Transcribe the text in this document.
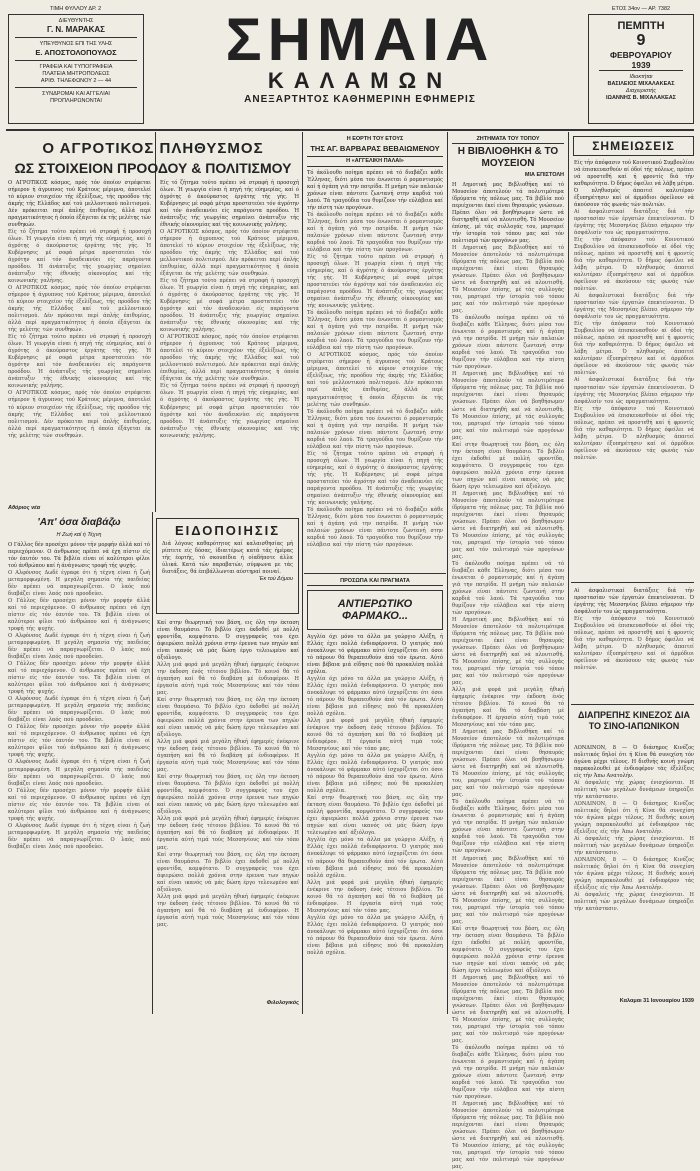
ΤΙΜΗ ΦΥΛΛΟΥ ΔΡ. 2
ΔΙΕΥΘΥΝΤΗΣ
Γ. Ν. ΜΑΡΑΚΑΣ
ΥΠΕΥΘΥΝΟΣ ΕΠΙ ΤΗΣ ΥΛΗΣ
Ε. ΑΠΟΣΤΟΛΟΠΟΥΛΟΣ
ΓΡΑΦΕΙΑ ΚΑΙ ΤΥΠΟΓΡΑΦΕΙΑ
ΠΛΑΤΕΙΑ ΜΗΤΡΟΠΟΛΕΩΣ
ΑΡΙΘ. ΤΗΛΕΦΩΝΟΥ 2 — 44
ΣΥΝΔΡΟΜΑΙ ΚΑΙ ΑΓΓΕΛΙΑΙ
ΠΡΟΠΛΗΡΩΝΟΝΤΑΙ
ΣΗΜΑΙΑ
ΚΑΛΑΜΩΝ
ΑΝΕΞΑΡΤΗΤΟΣ ΚΑΘΗΜΕΡΙΝΗ ΕΦΗΜΕΡΙΣ
ΕΤΟΣ 34ον — ΑΡ. 7382
ΠΕΜΠΤΗ
9
ΦΕΒΡΟΥΑΡΙΟΥ
1939
Ιδιοκτήται
ΒΑΣΙΛΕΙΟΣ ΜΙΧΑΛΑΚΕΑΣ
Διαχειριστής
ΙΩΑΝΝΗΣ Β. ΜΙΧΑΛΑΚΕΑΣ
Ο ΑΓΡΟΤΙΚΟΣ ΠΛΗΘΥΣΜΟΣ
ΩΣ ΣΤΟΙΧΕΙΟΝ ΠΡΟΟΔΟΥ & ΠΟΛΙΤΙΣΜΟΥ
Ο ΑΓΡΟΤΙΚΟΣ κόσμος, πρός τόν όποίον στρέφεται σήμερον ή άγρυπνος τού Κράτους μέριμνα, άποτελεί τό κύριον στοιχείον τής έξελίξεως, τής προόδου τής άκμής τής Ελλάδος καί τού μελλοντικού πολιτισμού. Δέν πρόκειται περί άπλής έπιθυμίας, άλλά περί πραγματικότητος ή όποία έξάγεται έκ τής μελέτης τών συνθηκών.
Είς τό ζήτημα τούτο πρέπει νά στραφή ή προσοχή όλων. Ή γεωργία είναι ή πηγή τής εύημερίας, καί ό άγρότης ό άκούραστος έργάτης τής γής. Ή Κυβέρνησις μέ σοφά μέτρα προστατεύει τόν άγρότην καί τόν άναδεικνύει είς παράγοντα προόδου. Ή άνάπτυξις τής γεωργίας σημαίνει άνάπτυξιν τής έθνικής οίκονομίας καί τής κοινωνικής γαλήνης.
Ο ΑΓΡΟΤΙΚΟΣ κόσμος, πρός τόν όποίον στρέφεται σήμερον ή άγρυπνος τού Κράτους μέριμνα, άποτελεί τό κύριον στοιχείον τής έξελίξεως, τής προόδου τής άκμής τής Ελλάδος καί τού μελλοντικού πολιτισμού. Δέν πρόκειται περί άπλής έπιθυμίας, άλλά περί πραγματικότητος ή όποία έξάγεται έκ τής μελέτης τών συνθηκών.
Είς τό ζήτημα τούτο πρέπει νά στραφή ή προσοχή όλων. Ή γεωργία είναι ή πηγή τής εύημερίας, καί ό άγρότης ό άκούραστος έργάτης τής γής. Ή Κυβέρνησις μέ σοφά μέτρα προστατεύει τόν άγρότην καί τόν άναδεικνύει είς παράγοντα προόδου. Ή άνάπτυξις τής γεωργίας σημαίνει άνάπτυξιν τής έθνικής οίκονομίας καί τής κοινωνικής γαλήνης.
Ο ΑΓΡΟΤΙΚΟΣ κόσμος, πρός τόν όποίον στρέφεται σήμερον ή άγρυπνος τού Κράτους μέριμνα, άποτελεί τό κύριον στοιχείον τής έξελίξεως, τής προόδου τής άκμής τής Ελλάδος καί τού μελλοντικού πολιτισμού. Δέν πρόκειται περί άπλής έπιθυμίας, άλλά περί πραγματικότητος ή όποία έξάγεται έκ τής μελέτης τών συνθηκών.
Είς τό ζήτημα τούτο πρέπει νά στραφή ή προσοχή όλων. Ή γεωργία είναι ή πηγή τής εύημερίας, καί ό άγρότης ό άκούραστος έργάτης τής γής. Ή Κυβέρνησις μέ σοφά μέτρα προστατεύει τόν άγρότην καί τόν άναδεικνύει είς παράγοντα προόδου. Ή άνάπτυξις τής γεωργίας σημαίνει άνάπτυξιν τής έθνικής οίκονομίας καί τής κοινωνικής γαλήνης.
Ο ΑΓΡΟΤΙΚΟΣ κόσμος, πρός τόν όποίον στρέφεται σήμερον ή άγρυπνος τού Κράτους μέριμνα, άποτελεί τό κύριον στοιχείον τής έξελίξεως, τής προόδου τής άκμής τής Ελλάδος καί τού μελλοντικού πολιτισμού. Δέν πρόκειται περί άπλής έπιθυμίας, άλλά περί πραγματικότητος ή όποία έξάγεται έκ τής μελέτης τών συνθηκών.
Είς τό ζήτημα τούτο πρέπει νά στραφή ή προσοχή όλων. Ή γεωργία είναι ή πηγή τής εύημερίας, καί ό άγρότης ό άκούραστος έργάτης τής γής. Ή Κυβέρνησις μέ σοφά μέτρα προστατεύει τόν άγρότην καί τόν άναδεικνύει είς παράγοντα προόδου. Ή άνάπτυξις τής γεωργίας σημαίνει άνάπτυξιν τής έθνικής οίκονομίας καί τής κοινωνικής γαλήνης.
Ο ΑΓΡΟΤΙΚΟΣ κόσμος, πρός τόν όποίον στρέφεται σήμερον ή άγρυπνος τού Κράτους μέριμνα, άποτελεί τό κύριον στοιχείον τής έξελίξεως, τής προόδου τής άκμής τής Ελλάδος καί τού μελλοντικού πολιτισμού. Δέν πρόκειται περί άπλής έπιθυμίας, άλλά περί πραγματικότητος ή όποία έξάγεται έκ τής μελέτης τών συνθηκών.
Είς τό ζήτημα τούτο πρέπει νά στραφή ή προσοχή όλων. Ή γεωργία είναι ή πηγή τής εύημερίας, καί ό άγρότης ό άκούραστος έργάτης τής γής. Ή Κυβέρνησις μέ σοφά μέτρα προστατεύει τόν άγρότην καί τόν άναδεικνύει είς παράγοντα προόδου. Ή άνάπτυξις τής γεωργίας σημαίνει άνάπτυξιν τής έθνικής οίκονομίας καί τής κοινωνικής γαλήνης.
Αθόριος νέα
'Απ' όσα διαβάζω
Η Ζωή καί ή Τέχνη
Ο Γάλλος δέν προσέχει μόνον τήν μορφήν άλλά καί τό περιεχόμενον. Ο άνθρωπος πρέπει νά έχη πίστιν είς τόν έαυτόν του. Τά βιβλία είναι οί καλύτεροι φίλοι τού άνθρώπου καί ή άνάγνωσις τροφή τής ψυχής.
Ο Αλφόνσος Δωδέ έγραφε ότι ή τέχνη είναι ή ζωή μεταμορφωμένη. Η μεγάλη σημασία τής παιδείας δέν πρέπει νά παραγνωρίζεται. Ο λαός πού διαβάζει είναι λαός πού προοδεύει.
Ο Γάλλος δέν προσέχει μόνον τήν μορφήν άλλά καί τό περιεχόμενον. Ο άνθρωπος πρέπει νά έχη πίστιν είς τόν έαυτόν του. Τά βιβλία είναι οί καλύτεροι φίλοι τού άνθρώπου καί ή άνάγνωσις τροφή τής ψυχής.
Ο Αλφόνσος Δωδέ έγραφε ότι ή τέχνη είναι ή ζωή μεταμορφωμένη. Η μεγάλη σημασία τής παιδείας δέν πρέπει νά παραγνωρίζεται. Ο λαός πού διαβάζει είναι λαός πού προοδεύει.
Ο Γάλλος δέν προσέχει μόνον τήν μορφήν άλλά καί τό περιεχόμενον. Ο άνθρωπος πρέπει νά έχη πίστιν είς τόν έαυτόν του. Τά βιβλία είναι οί καλύτεροι φίλοι τού άνθρώπου καί ή άνάγνωσις τροφή τής ψυχής.
Ο Αλφόνσος Δωδέ έγραφε ότι ή τέχνη είναι ή ζωή μεταμορφωμένη. Η μεγάλη σημασία τής παιδείας δέν πρέπει νά παραγνωρίζεται. Ο λαός πού διαβάζει είναι λαός πού προοδεύει.
Ο Γάλλος δέν προσέχει μόνον τήν μορφήν άλλά καί τό περιεχόμενον. Ο άνθρωπος πρέπει νά έχη πίστιν είς τόν έαυτόν του. Τά βιβλία είναι οί καλύτεροι φίλοι τού άνθρώπου καί ή άνάγνωσις τροφή τής ψυχής.
Ο Αλφόνσος Δωδέ έγραφε ότι ή τέχνη είναι ή ζωή μεταμορφωμένη. Η μεγάλη σημασία τής παιδείας δέν πρέπει νά παραγνωρίζεται. Ο λαός πού διαβάζει είναι λαός πού προοδεύει.
Ο Γάλλος δέν προσέχει μόνον τήν μορφήν άλλά καί τό περιεχόμενον. Ο άνθρωπος πρέπει νά έχη πίστιν είς τόν έαυτόν του. Τά βιβλία είναι οί καλύτεροι φίλοι τού άνθρώπου καί ή άνάγνωσις τροφή τής ψυχής.
Ο Αλφόνσος Δωδέ έγραφε ότι ή τέχνη είναι ή ζωή μεταμορφωμένη. Η μεγάλη σημασία τής παιδείας δέν πρέπει νά παραγνωρίζεται. Ο λαός πού διαβάζει είναι λαός πού προοδεύει.
ΕΙΔΟΠΟΙΗΣΙΣ
Διά λόγους καθαρότητος καί καλαισθησίας μή ρίπτετε είς δόσας, ίδιαιτέρως κατά τάς ήμέρας τής έορτής, τό σκουπίδια ή οίαδήποτε άλλα ύλικά. Κατά τών παραβατών, σύμφωνα με τάς διατάξεις, θά έπιβάλλωνται αύστηραί ποιναί.
Έκ τού Δήμου
Καί στην θεωρητική του βάση, εις όλη την έκταση είναι θαυμάσιο. Τό βιβλίο έχει έκδοθεί μέ πολλή φροντίδα, κομψότατο. Ό συγγραφεύς του έχει άφιερώσει πολλά χρόνια στην έρευνα των πηγών καί είναι ικανός νά μάς δώση έργο τελειωμένο καί άξιόλογο.
Άλλη μιά φορά μιά μεγάλη ήθική έφημερίς ένέκρινε την έκδοση ένός τέτοιου βιβλίου. Τό κοινό θά τό άγαπήση καί θά τό διαβάση μέ ένδιαφέρον. Η έργασία αύτή τιμά τούς Μεσσηνίους καί τόν τόπο μας.
Καί στην θεωρητική του βάση, εις όλη την έκταση είναι θαυμάσιο. Τό βιβλίο έχει έκδοθεί μέ πολλή φροντίδα, κομψότατο. Ό συγγραφεύς του έχει άφιερώσει πολλά χρόνια στην έρευνα των πηγών καί είναι ικανός νά μάς δώση έργο τελειωμένο καί άξιόλογο.
Άλλη μιά φορά μιά μεγάλη ήθική έφημερίς ένέκρινε την έκδοση ένός τέτοιου βιβλίου. Τό κοινό θά τό άγαπήση καί θά τό διαβάση μέ ένδιαφέρον. Η έργασία αύτή τιμά τούς Μεσσηνίους καί τόν τόπο μας.
Καί στην θεωρητική του βάση, εις όλη την έκταση είναι θαυμάσιο. Τό βιβλίο έχει έκδοθεί μέ πολλή φροντίδα, κομψότατο. Ό συγγραφεύς του έχει άφιερώσει πολλά χρόνια στην έρευνα των πηγών καί είναι ικανός νά μάς δώση έργο τελειωμένο καί άξιόλογο.
Άλλη μιά φορά μιά μεγάλη ήθική έφημερίς ένέκρινε την έκδοση ένός τέτοιου βιβλίου. Τό κοινό θά τό άγαπήση καί θά τό διαβάση μέ ένδιαφέρον. Η έργασία αύτή τιμά τούς Μεσσηνίους καί τόν τόπο μας.
Καί στην θεωρητική του βάση, εις όλη την έκταση είναι θαυμάσιο. Τό βιβλίο έχει έκδοθεί μέ πολλή φροντίδα, κομψότατο. Ό συγγραφεύς του έχει άφιερώσει πολλά χρόνια στην έρευνα των πηγών καί είναι ικανός νά μάς δώση έργο τελειωμένο καί άξιόλογο.
Άλλη μιά φορά μιά μεγάλη ήθική έφημερίς ένέκρινε την έκδοση ένός τέτοιου βιβλίου. Τό κοινό θά τό άγαπήση καί θά τό διαβάση μέ ένδιαφέρον. Η έργασία αύτή τιμά τούς Μεσσηνίους καί τόν τόπο μας.
Φιλολογικός
ΠΡΟΣΩΠΑ ΚΑΙ ΠΡΑΓΜΑΤΑ
ΑΝΤΙΕΡΩΤΙΚΟ ΦΑΡΜΑΚΟ...
Αγγλία όχι μόνο τα άλλα μα γεώργιο Αλέξη, ή Ελλάς έχει πολλά ένδιαφέροντα. Ό γιατρός πού άνεκάλυψε τό φάρμακο αύτό ίσχυρίζεται ότι όσοι τό πάρουν θά θεραπευθούν άπό τόν έρωτα. Αύτό είναι βέβαια μιά είδησις πού θά προκαλέση πολλά σχόλια.
Αγγλία όχι μόνο τα άλλα μα γεώργιο Αλέξη, ή Ελλάς έχει πολλά ένδιαφέροντα. Ό γιατρός πού άνεκάλυψε τό φάρμακο αύτό ίσχυρίζεται ότι όσοι τό πάρουν θά θεραπευθούν άπό τόν έρωτα. Αύτό είναι βέβαια μιά είδησις πού θά προκαλέση πολλά σχόλια.
Άλλη μιά φορά μιά μεγάλη ήθική έφημερίς ένέκρινε την έκδοση ένός τέτοιου βιβλίου. Τό κοινό θά τό άγαπήση καί θά τό διαβάση μέ ένδιαφέρον. Η έργασία αύτή τιμά τούς Μεσσηνίους καί τόν τόπο μας.
Αγγλία όχι μόνο τα άλλα μα γεώργιο Αλέξη, ή Ελλάς έχει πολλά ένδιαφέροντα. Ό γιατρός πού άνεκάλυψε τό φάρμακο αύτό ίσχυρίζεται ότι όσοι τό πάρουν θά θεραπευθούν άπό τόν έρωτα. Αύτό είναι βέβαια μιά είδησις πού θά προκαλέση πολλά σχόλια.
Καί στην θεωρητική του βάση, εις όλη την έκταση είναι θαυμάσιο. Τό βιβλίο έχει έκδοθεί μέ πολλή φροντίδα, κομψότατο. Ό συγγραφεύς του έχει άφιερώσει πολλά χρόνια στην έρευνα των πηγών καί είναι ικανός νά μάς δώση έργο τελειωμένο καί άξιόλογο.
Αγγλία όχι μόνο τα άλλα μα γεώργιο Αλέξη, ή Ελλάς έχει πολλά ένδιαφέροντα. Ό γιατρός πού άνεκάλυψε τό φάρμακο αύτό ίσχυρίζεται ότι όσοι τό πάρουν θά θεραπευθούν άπό τόν έρωτα. Αύτό είναι βέβαια μιά είδησις πού θά προκαλέση πολλά σχόλια.
Άλλη μιά φορά μιά μεγάλη ήθική έφημερίς ένέκρινε την έκδοση ένός τέτοιου βιβλίου. Τό κοινό θά τό άγαπήση καί θά τό διαβάση μέ ένδιαφέρον. Η έργασία αύτή τιμά τούς Μεσσηνίους καί τόν τόπο μας.
Αγγλία όχι μόνο τα άλλα μα γεώργιο Αλέξη, ή Ελλάς έχει πολλά ένδιαφέροντα. Ό γιατρός πού άνεκάλυψε τό φάρμακο αύτό ίσχυρίζεται ότι όσοι τό πάρουν θά θεραπευθούν άπό τόν έρωτα. Αύτό είναι βέβαια μιά είδησις πού θά προκαλέση πολλά σχόλια.
Η ΕΟΡΤΗ ΤΟΥ ΕΤΟΥΣ
ΤΗΣ ΑΓ. ΒΑΡΒΑΡΑΣ ΒΕΒΑΙΩΜΕΝΟΥ
Η «ΑΓΓΕΛΙΚΗ ΠΑΛΑΙ»
Τό άκόλουθο ποίημα πρέπει νά τό διαβάζει κάθε Έλληνας, διότι μέσα του ένωνεται ό ρομαντισμός καί ή άγάπη γιά την πατρίδα. Η μνήμη τών παλαιών χρόνων είναι πάντοτε ζωντανή στην καρδιά τού λαού. Τά τραγούδια του θυμίζουν τήν εύλάβεια καί τήν πίστη τών προγόνων.
Τό άκόλουθο ποίημα πρέπει νά τό διαβάζει κάθε Έλληνας, διότι μέσα του ένωνεται ό ρομαντισμός καί ή άγάπη γιά την πατρίδα. Η μνήμη τών παλαιών χρόνων είναι πάντοτε ζωντανή στην καρδιά τού λαού. Τά τραγούδια του θυμίζουν τήν εύλάβεια καί τήν πίστη τών προγόνων.
Είς τό ζήτημα τούτο πρέπει νά στραφή ή προσοχή όλων. Ή γεωργία είναι ή πηγή τής εύημερίας, καί ό άγρότης ό άκούραστος έργάτης τής γής. Ή Κυβέρνησις μέ σοφά μέτρα προστατεύει τόν άγρότην καί τόν άναδεικνύει είς παράγοντα προόδου. Ή άνάπτυξις τής γεωργίας σημαίνει άνάπτυξιν τής έθνικής οίκονομίας καί τής κοινωνικής γαλήνης.
Τό άκόλουθο ποίημα πρέπει νά τό διαβάζει κάθε Έλληνας, διότι μέσα του ένωνεται ό ρομαντισμός καί ή άγάπη γιά την πατρίδα. Η μνήμη τών παλαιών χρόνων είναι πάντοτε ζωντανή στην καρδιά τού λαού. Τά τραγούδια του θυμίζουν τήν εύλάβεια καί τήν πίστη τών προγόνων.
Ο ΑΓΡΟΤΙΚΟΣ κόσμος, πρός τόν όποίον στρέφεται σήμερον ή άγρυπνος τού Κράτους μέριμνα, άποτελεί τό κύριον στοιχείον τής έξελίξεως, τής προόδου τής άκμής τής Ελλάδος καί τού μελλοντικού πολιτισμού. Δέν πρόκειται περί άπλής έπιθυμίας, άλλά περί πραγματικότητος ή όποία έξάγεται έκ τής μελέτης τών συνθηκών.
Τό άκόλουθο ποίημα πρέπει νά τό διαβάζει κάθε Έλληνας, διότι μέσα του ένωνεται ό ρομαντισμός καί ή άγάπη γιά την πατρίδα. Η μνήμη τών παλαιών χρόνων είναι πάντοτε ζωντανή στην καρδιά τού λαού. Τά τραγούδια του θυμίζουν τήν εύλάβεια καί τήν πίστη τών προγόνων.
Είς τό ζήτημα τούτο πρέπει νά στραφή ή προσοχή όλων. Ή γεωργία είναι ή πηγή τής εύημερίας, καί ό άγρότης ό άκούραστος έργάτης τής γής. Ή Κυβέρνησις μέ σοφά μέτρα προστατεύει τόν άγρότην καί τόν άναδεικνύει είς παράγοντα προόδου. Ή άνάπτυξις τής γεωργίας σημαίνει άνάπτυξιν τής έθνικής οίκονομίας καί τής κοινωνικής γαλήνης.
Τό άκόλουθο ποίημα πρέπει νά τό διαβάζει κάθε Έλληνας, διότι μέσα του ένωνεται ό ρομαντισμός καί ή άγάπη γιά την πατρίδα. Η μνήμη τών παλαιών χρόνων είναι πάντοτε ζωντανή στην καρδιά τού λαού. Τά τραγούδια του θυμίζουν τήν εύλάβεια καί τήν πίστη τών προγόνων.
ΖΗΤΗΜΑΤΑ ΤΟΥ ΤΟΠΟΥ
Η ΒΙΒΛΙΟΘΗΚΗ & ΤΟ ΜΟΥΣΕΙΟΝ
ΜΙΑ ΕΠΙΣΤΟΛΗ
Η Δημοτική μας Βιβλιοθήκη καί τό Μουσείον άποτελούν τά πολυτιμότερα ίδρύματα τής πόλεως μας. Τά βιβλία πού περιέχονται έκεί είναι θησαυρός γνώσεων. Πρέπει όλοι νά βοηθήσωμεν ώστε νά διατηρηθή καί νά πλουτισθή. Τό Μουσείον έπίσης, μέ τάς συλλογάς του, μαρτυρεί τήν ίστορία τού τόπου μας καί τόν πολιτισμό τών προγόνων μας.
Η Δημοτική μας Βιβλιοθήκη καί τό Μουσείον άποτελούν τά πολυτιμότερα ίδρύματα τής πόλεως μας. Τά βιβλία πού περιέχονται έκεί είναι θησαυρός γνώσεων. Πρέπει όλοι νά βοηθήσωμεν ώστε νά διατηρηθή καί νά πλουτισθή. Τό Μουσείον έπίσης, μέ τάς συλλογάς του, μαρτυρεί τήν ίστορία τού τόπου μας καί τόν πολιτισμό τών προγόνων μας.
Τό άκόλουθο ποίημα πρέπει νά τό διαβάζει κάθε Έλληνας, διότι μέσα του ένωνεται ό ρομαντισμός καί ή άγάπη γιά την πατρίδα. Η μνήμη τών παλαιών χρόνων είναι πάντοτε ζωντανή στην καρδιά τού λαού. Τά τραγούδια του θυμίζουν τήν εύλάβεια καί τήν πίστη τών προγόνων.
Η Δημοτική μας Βιβλιοθήκη καί τό Μουσείον άποτελούν τά πολυτιμότερα ίδρύματα τής πόλεως μας. Τά βιβλία πού περιέχονται έκεί είναι θησαυρός γνώσεων. Πρέπει όλοι νά βοηθήσωμεν ώστε νά διατηρηθή καί νά πλουτισθή. Τό Μουσείον έπίσης, μέ τάς συλλογάς του, μαρτυρεί τήν ίστορία τού τόπου μας καί τόν πολιτισμό τών προγόνων μας.
Καί στην θεωρητική του βάση, εις όλη την έκταση είναι θαυμάσιο. Τό βιβλίο έχει έκδοθεί μέ πολλή φροντίδα, κομψότατο. Ό συγγραφεύς του έχει άφιερώσει πολλά χρόνια στην έρευνα των πηγών καί είναι ικανός νά μάς δώση έργο τελειωμένο καί άξιόλογο.
Η Δημοτική μας Βιβλιοθήκη καί τό Μουσείον άποτελούν τά πολυτιμότερα ίδρύματα τής πόλεως μας. Τά βιβλία πού περιέχονται έκεί είναι θησαυρός γνώσεων. Πρέπει όλοι νά βοηθήσωμεν ώστε νά διατηρηθή καί νά πλουτισθή. Τό Μουσείον έπίσης, μέ τάς συλλογάς του, μαρτυρεί τήν ίστορία τού τόπου μας καί τόν πολιτισμό τών προγόνων μας.
Τό άκόλουθο ποίημα πρέπει νά τό διαβάζει κάθε Έλληνας, διότι μέσα του ένωνεται ό ρομαντισμός καί ή άγάπη γιά την πατρίδα. Η μνήμη τών παλαιών χρόνων είναι πάντοτε ζωντανή στην καρδιά τού λαού. Τά τραγούδια του θυμίζουν τήν εύλάβεια καί τήν πίστη τών προγόνων.
Η Δημοτική μας Βιβλιοθήκη καί τό Μουσείον άποτελούν τά πολυτιμότερα ίδρύματα τής πόλεως μας. Τά βιβλία πού περιέχονται έκεί είναι θησαυρός γνώσεων. Πρέπει όλοι νά βοηθήσωμεν ώστε νά διατηρηθή καί νά πλουτισθή. Τό Μουσείον έπίσης, μέ τάς συλλογάς του, μαρτυρεί τήν ίστορία τού τόπου μας καί τόν πολιτισμό τών προγόνων μας.
Άλλη μιά φορά μιά μεγάλη ήθική έφημερίς ένέκρινε την έκδοση ένός τέτοιου βιβλίου. Τό κοινό θά τό άγαπήση καί θά τό διαβάση μέ ένδιαφέρον. Η έργασία αύτή τιμά τούς Μεσσηνίους καί τόν τόπο μας.
Η Δημοτική μας Βιβλιοθήκη καί τό Μουσείον άποτελούν τά πολυτιμότερα ίδρύματα τής πόλεως μας. Τά βιβλία πού περιέχονται έκεί είναι θησαυρός γνώσεων. Πρέπει όλοι νά βοηθήσωμεν ώστε νά διατηρηθή καί νά πλουτισθή. Τό Μουσείον έπίσης, μέ τάς συλλογάς του, μαρτυρεί τήν ίστορία τού τόπου μας καί τόν πολιτισμό τών προγόνων μας.
Τό άκόλουθο ποίημα πρέπει νά τό διαβάζει κάθε Έλληνας, διότι μέσα του ένωνεται ό ρομαντισμός καί ή άγάπη γιά την πατρίδα. Η μνήμη τών παλαιών χρόνων είναι πάντοτε ζωντανή στην καρδιά τού λαού. Τά τραγούδια του θυμίζουν τήν εύλάβεια καί τήν πίστη τών προγόνων.
Η Δημοτική μας Βιβλιοθήκη καί τό Μουσείον άποτελούν τά πολυτιμότερα ίδρύματα τής πόλεως μας. Τά βιβλία πού περιέχονται έκεί είναι θησαυρός γνώσεων. Πρέπει όλοι νά βοηθήσωμεν ώστε νά διατηρηθή καί νά πλουτισθή. Τό Μουσείον έπίσης, μέ τάς συλλογάς του, μαρτυρεί τήν ίστορία τού τόπου μας καί τόν πολιτισμό τών προγόνων μας.
Καί στην θεωρητική του βάση, εις όλη την έκταση είναι θαυμάσιο. Τό βιβλίο έχει έκδοθεί μέ πολλή φροντίδα, κομψότατο. Ό συγγραφεύς του έχει άφιερώσει πολλά χρόνια στην έρευνα των πηγών καί είναι ικανός νά μάς δώση έργο τελειωμένο καί άξιόλογο.
Η Δημοτική μας Βιβλιοθήκη καί τό Μουσείον άποτελούν τά πολυτιμότερα ίδρύματα τής πόλεως μας. Τά βιβλία πού περιέχονται έκεί είναι θησαυρός γνώσεων. Πρέπει όλοι νά βοηθήσωμεν ώστε νά διατηρηθή καί νά πλουτισθή. Τό Μουσείον έπίσης, μέ τάς συλλογάς του, μαρτυρεί τήν ίστορία τού τόπου μας καί τόν πολιτισμό τών προγόνων μας.
Τό άκόλουθο ποίημα πρέπει νά τό διαβάζει κάθε Έλληνας, διότι μέσα του ένωνεται ό ρομαντισμός καί ή άγάπη γιά την πατρίδα. Η μνήμη τών παλαιών χρόνων είναι πάντοτε ζωντανή στην καρδιά τού λαού. Τά τραγούδια του θυμίζουν τήν εύλάβεια καί τήν πίστη τών προγόνων.
Η Δημοτική μας Βιβλιοθήκη καί τό Μουσείον άποτελούν τά πολυτιμότερα ίδρύματα τής πόλεως μας. Τά βιβλία πού περιέχονται έκεί είναι θησαυρός γνώσεων. Πρέπει όλοι νά βοηθήσωμεν ώστε νά διατηρηθή καί νά πλουτισθή. Τό Μουσείον έπίσης, μέ τάς συλλογάς του, μαρτυρεί τήν ίστορία τού τόπου μας καί τόν πολιτισμό τών προγόνων μας.
ΣΗΜΕΙΩΣΕΙΣ
Είς τήν άπόφασιν τού Κοινοτικού Συμβουλίου νά έπισκευασθούν αί όδοί τής πόλεως, πρέπει νά προστεθή καί ή φροντίς διά τήν καθαριότητα. Ό δήμος όφείλει νά λάβη μέτρα. Ό πληθυσμός άπαιτεί καλυτέραν έξυπηρέτησιν καί οί άρμόδιοι όφείλουν νά άκούσουν τάς φωνάς τών πολιτών.
Αί άσφαλιστικαί διατάξεις διά τήν προστασίαν τών έργατών έπεκτείνονται. Ό έργάτης τής Μεσσηνίας βλέπει σήμερον τήν άσφάλισίν του ώς πραγματικότητα.
Είς τήν άπόφασιν τού Κοινοτικού Συμβουλίου νά έπισκευασθούν αί όδοί τής πόλεως, πρέπει νά προστεθή καί ή φροντίς διά τήν καθαριότητα. Ό δήμος όφείλει νά λάβη μέτρα. Ό πληθυσμός άπαιτεί καλυτέραν έξυπηρέτησιν καί οί άρμόδιοι όφείλουν νά άκούσουν τάς φωνάς τών πολιτών.
Αί άσφαλιστικαί διατάξεις διά τήν προστασίαν τών έργατών έπεκτείνονται. Ό έργάτης τής Μεσσηνίας βλέπει σήμερον τήν άσφάλισίν του ώς πραγματικότητα.
Είς τήν άπόφασιν τού Κοινοτικού Συμβουλίου νά έπισκευασθούν αί όδοί τής πόλεως, πρέπει νά προστεθή καί ή φροντίς διά τήν καθαριότητα. Ό δήμος όφείλει νά λάβη μέτρα. Ό πληθυσμός άπαιτεί καλυτέραν έξυπηρέτησιν καί οί άρμόδιοι όφείλουν νά άκούσουν τάς φωνάς τών πολιτών.
Αί άσφαλιστικαί διατάξεις διά τήν προστασίαν τών έργατών έπεκτείνονται. Ό έργάτης τής Μεσσηνίας βλέπει σήμερον τήν άσφάλισίν του ώς πραγματικότητα.
Είς τήν άπόφασιν τού Κοινοτικού Συμβουλίου νά έπισκευασθούν αί όδοί τής πόλεως, πρέπει νά προστεθή καί ή φροντίς διά τήν καθαριότητα. Ό δήμος όφείλει νά λάβη μέτρα. Ό πληθυσμός άπαιτεί καλυτέραν έξυπηρέτησιν καί οί άρμόδιοι όφείλουν νά άκούσουν τάς φωνάς τών πολιτών.
Αί άσφαλιστικαί διατάξεις διά τήν προστασίαν τών έργατών έπεκτείνονται. Ό έργάτης τής Μεσσηνίας βλέπει σήμερον τήν άσφάλισίν του ώς πραγματικότητα.
Είς τήν άπόφασιν τού Κοινοτικού Συμβουλίου νά έπισκευασθούν αί όδοί τής πόλεως, πρέπει νά προστεθή καί ή φροντίς διά τήν καθαριότητα. Ό δήμος όφείλει νά λάβη μέτρα. Ό πληθυσμός άπαιτεί καλυτέραν έξυπηρέτησιν καί οί άρμόδιοι όφείλουν νά άκούσουν τάς φωνάς τών πολιτών.
ΔΙΑΠΡΕΠΗΣ ΚΙΝΕΖΟΣ ΔΙΑ ΤΟ ΣΙΝΟ-ΙΑΠΩΝΙΚΟΝ
ΛΟΝΔΙΝΟΝ, 8 — Ό διάσημος Κινέζος πολιτικός δηλοί ότι ή Κίνα θά συνεχίση τόν άγώνα μέχρι τέλους. Η διεθνής κοινή γνώμη παρακολουθεί μέ ένδιαφέρον τάς έξελίξεις είς τήν Άπω Ανατολήν.
Αί άσφαλείς τής χώρας ένισχύονται. Η πολιτική τών μεγάλων δυνάμεων έπηρεάζει τήν κατάστασιν.
ΛΟΝΔΙΝΟΝ, 8 — Ό διάσημος Κινέζος πολιτικός δηλοί ότι ή Κίνα θά συνεχίση τόν άγώνα μέχρι τέλους. Η διεθνής κοινή γνώμη παρακολουθεί μέ ένδιαφέρον τάς έξελίξεις είς τήν Άπω Ανατολήν.
Αί άσφαλείς τής χώρας ένισχύονται. Η πολιτική τών μεγάλων δυνάμεων έπηρεάζει τήν κατάστασιν.
ΛΟΝΔΙΝΟΝ, 8 — Ό διάσημος Κινέζος πολιτικός δηλοί ότι ή Κίνα θά συνεχίση τόν άγώνα μέχρι τέλους. Η διεθνής κοινή γνώμη παρακολουθεί μέ ένδιαφέρον τάς έξελίξεις είς τήν Άπω Ανατολήν.
Αί άσφαλείς τής χώρας ένισχύονται. Η πολιτική τών μεγάλων δυνάμεων έπηρεάζει τήν κατάστασιν.
Καλαμαι 31 Ιανουαρίου 1939
